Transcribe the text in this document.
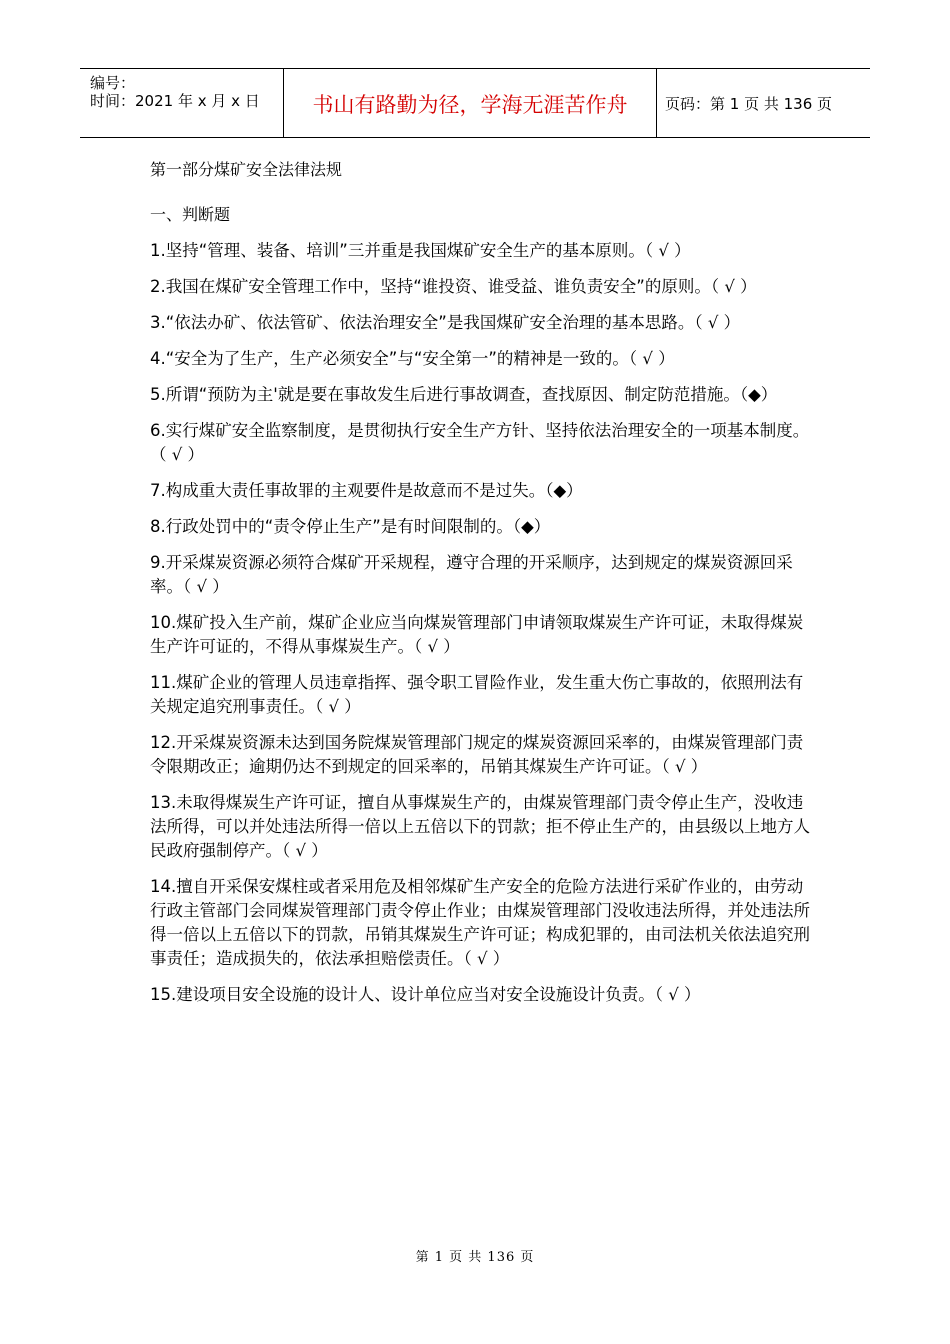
编号：
时间：2021 年 x 月 x 日	书山有路勤为径，学海无涯苦作舟	页码：第 1 页 共 136 页

第一部分煤矿安全法律法规

一、判断题

1.坚持“管理、装备、培训”三并重是我国煤矿安全生产的基本原则。（ √ ）

2.我国在煤矿安全管理工作中，坚持“谁投资、谁受益、谁负责安全”的原则。（ √ ）

3.“依法办矿、依法管矿、依法治理安全”是我国煤矿安全治理的基本思路。（ √ ）

4.“安全为了生产，生产必须安全”与“安全第一”的精神是一致的。（ √ ）

5.所谓“预防为主'就是要在事故发生后进行事故调查，查找原因、制定防范措施。（◆）

6.实行煤矿安全监察制度，是贯彻执行安全生产方针、坚持依法治理安全的一项基本制度。（ √ ）

7.构成重大责任事故罪的主观要件是故意而不是过失。（◆）

8.行政处罚中的“责令停止生产”是有时间限制的。（◆）

9.开采煤炭资源必须符合煤矿开采规程，遵守合理的开采顺序，达到规定的煤炭资源回采率。（ √ ）

10.煤矿投入生产前，煤矿企业应当向煤炭管理部门申请领取煤炭生产许可证，未取得煤炭生产许可证的，不得从事煤炭生产。（ √ ）

11.煤矿企业的管理人员违章指挥、强令职工冒险作业，发生重大伤亡事故的，依照刑法有关规定追究刑事责任。（ √ ）

12.开采煤炭资源未达到国务院煤炭管理部门规定的煤炭资源回采率的，由煤炭管理部门责令限期改正；逾期仍达不到规定的回采率的，吊销其煤炭生产许可证。（ √ ）

13.未取得煤炭生产许可证，擅自从事煤炭生产的，由煤炭管理部门责令停止生产，没收违法所得，可以并处违法所得一倍以上五倍以下的罚款；拒不停止生产的，由县级以上地方人民政府强制停产。（ √ ）

14.擅自开采保安煤柱或者采用危及相邻煤矿生产安全的危险方法进行采矿作业的，由劳动行政主管部门会同煤炭管理部门责令停止作业；由煤炭管理部门没收违法所得，并处违法所得一倍以上五倍以下的罚款，吊销其煤炭生产许可证；构成犯罪的，由司法机关依法追究刑事责任；造成损失的，依法承担赔偿责任。（ √ ）

15.建设项目安全设施的设计人、设计单位应当对安全设施设计负责。（ √ ）

第 1 页 共 136 页
